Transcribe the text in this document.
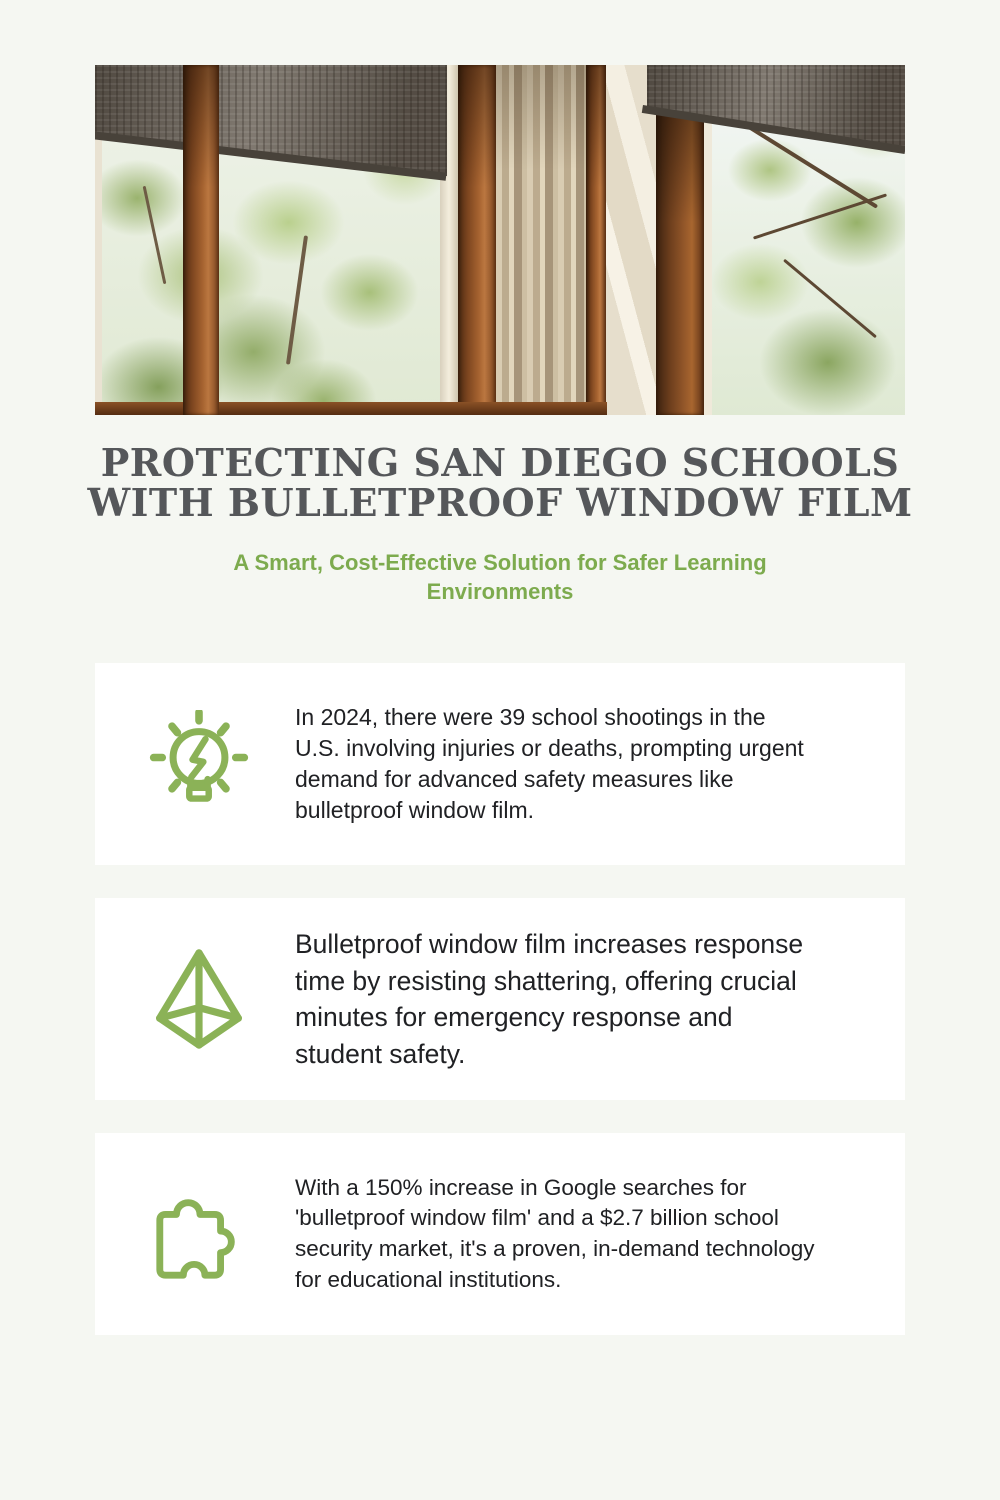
PROTECTING SAN DIEGO SCHOOLS
WITH BULLETPROOF WINDOW FILM
A Smart, Cost-Effective Solution for Safer Learning
Environments

In 2024, there were 39 school shootings in the U.S. involving injuries or deaths, prompting urgent demand for advanced safety measures like bulletproof window film.

Bulletproof window film increases response time by resisting shattering, offering crucial minutes for emergency response and student safety.

With a 150% increase in Google searches for 'bulletproof window film' and a $2.7 billion school security market, it's a proven, in-demand technology for educational institutions.
